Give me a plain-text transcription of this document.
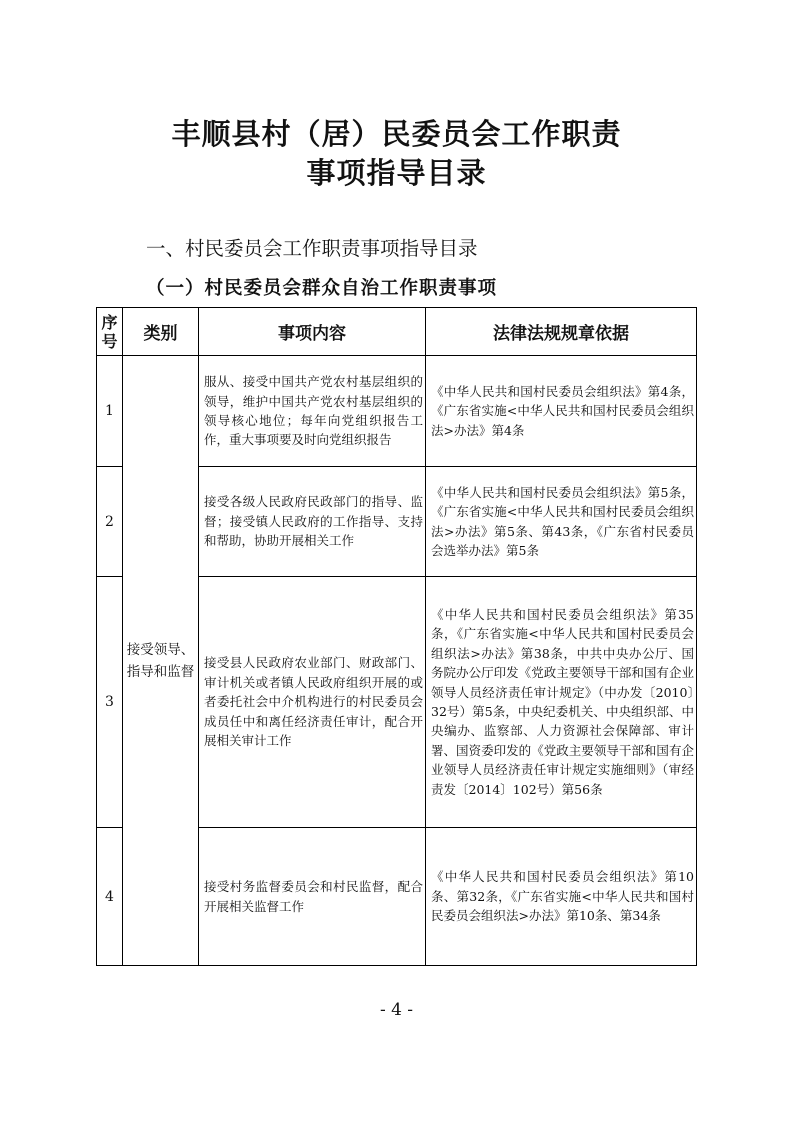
丰顺县村（居）民委员会工作职责
事项指导目录
一、村民委员会工作职责事项指导目录
（一）村民委员会群众自治工作职责事项
序号	类别	事项内容	法律法规规章依据
1	接受领导、指导和监督	服从、接受中国共产党农村基层组织的领导，维护中国共产党农村基层组织的领导核心地位；每年向党组织报告工作，重大事项要及时向党组织报告	《中华人民共和国村民委员会组织法》第4条，《广东省实施<中华人民共和国村民委员会组织法>办法》第4条
2		接受各级人民政府民政部门的指导、监督；接受镇人民政府的工作指导、支持和帮助，协助开展相关工作	《中华人民共和国村民委员会组织法》第5条，《广东省实施<中华人民共和国村民委员会组织法>办法》第5条、第43条，《广东省村民委员会选举办法》第5条
3		接受县人民政府农业部门、财政部门、审计机关或者镇人民政府组织开展的或者委托社会中介机构进行的村民委员会成员任中和离任经济责任审计，配合开展相关审计工作	《中华人民共和国村民委员会组织法》第35条，《广东省实施<中华人民共和国村民委员会组织法>办法》第38条，中共中央办公厅、国务院办公厅印发《党政主要领导干部和国有企业领导人员经济责任审计规定》（中办发〔2010〕32号）第5条，中央纪委机关、中央组织部、中央编办、监察部、人力资源社会保障部、审计署、国资委印发的《党政主要领导干部和国有企业领导人员经济责任审计规定实施细则》（审经责发〔2014〕102号）第56条
4		接受村务监督委员会和村民监督，配合开展相关监督工作	《中华人民共和国村民委员会组织法》第10条、第32条，《广东省实施<中华人民共和国村民委员会组织法>办法》第10条、第34条
- 4 -
